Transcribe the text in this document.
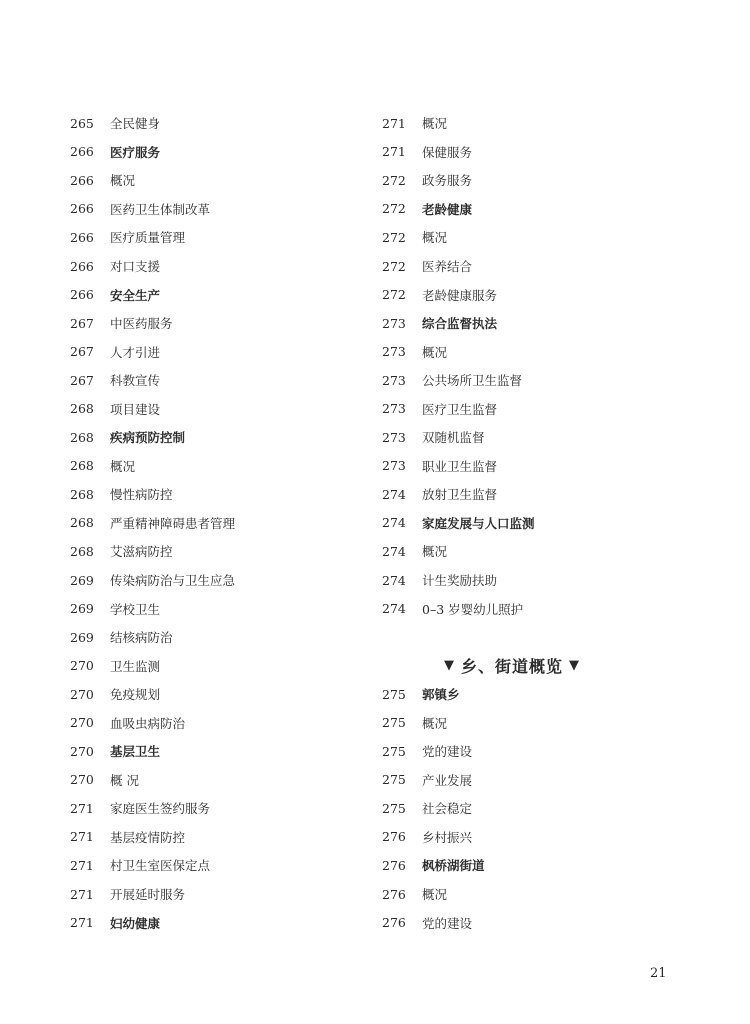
265	全民健身
266	医疗服务
266	概况
266	医药卫生体制改革
266	医疗质量管理
266	对口支援
266	安全生产
267	中医药服务
267	人才引进
267	科教宣传
268	项目建设
268	疾病预防控制
268	概况
268	慢性病防控
268	严重精神障碍患者管理
268	艾滋病防控
269	传染病防治与卫生应急
269	学校卫生
269	结核病防治
270	卫生监测
270	免疫规划
270	血吸虫病防治
270	基层卫生
270	概 况
271	家庭医生签约服务
271	基层疫情防控
271	村卫生室医保定点
271	开展延时服务
271	妇幼健康
271	概况
271	保健服务
272	政务服务
272	老龄健康
272	概况
272	医养结合
272	老龄健康服务
273	综合监督执法
273	概况
273	公共场所卫生监督
273	医疗卫生监督
273	双随机监督
273	职业卫生监督
274	放射卫生监督
274	家庭发展与人口监测
274	概况
274	计生奖励扶助
274	0–3 岁婴幼儿照护
▼ 乡、街道概览 ▼
275	郭镇乡
275	概况
275	党的建设
275	产业发展
275	社会稳定
276	乡村振兴
276	枫桥湖街道
276	概况
276	党的建设
21
